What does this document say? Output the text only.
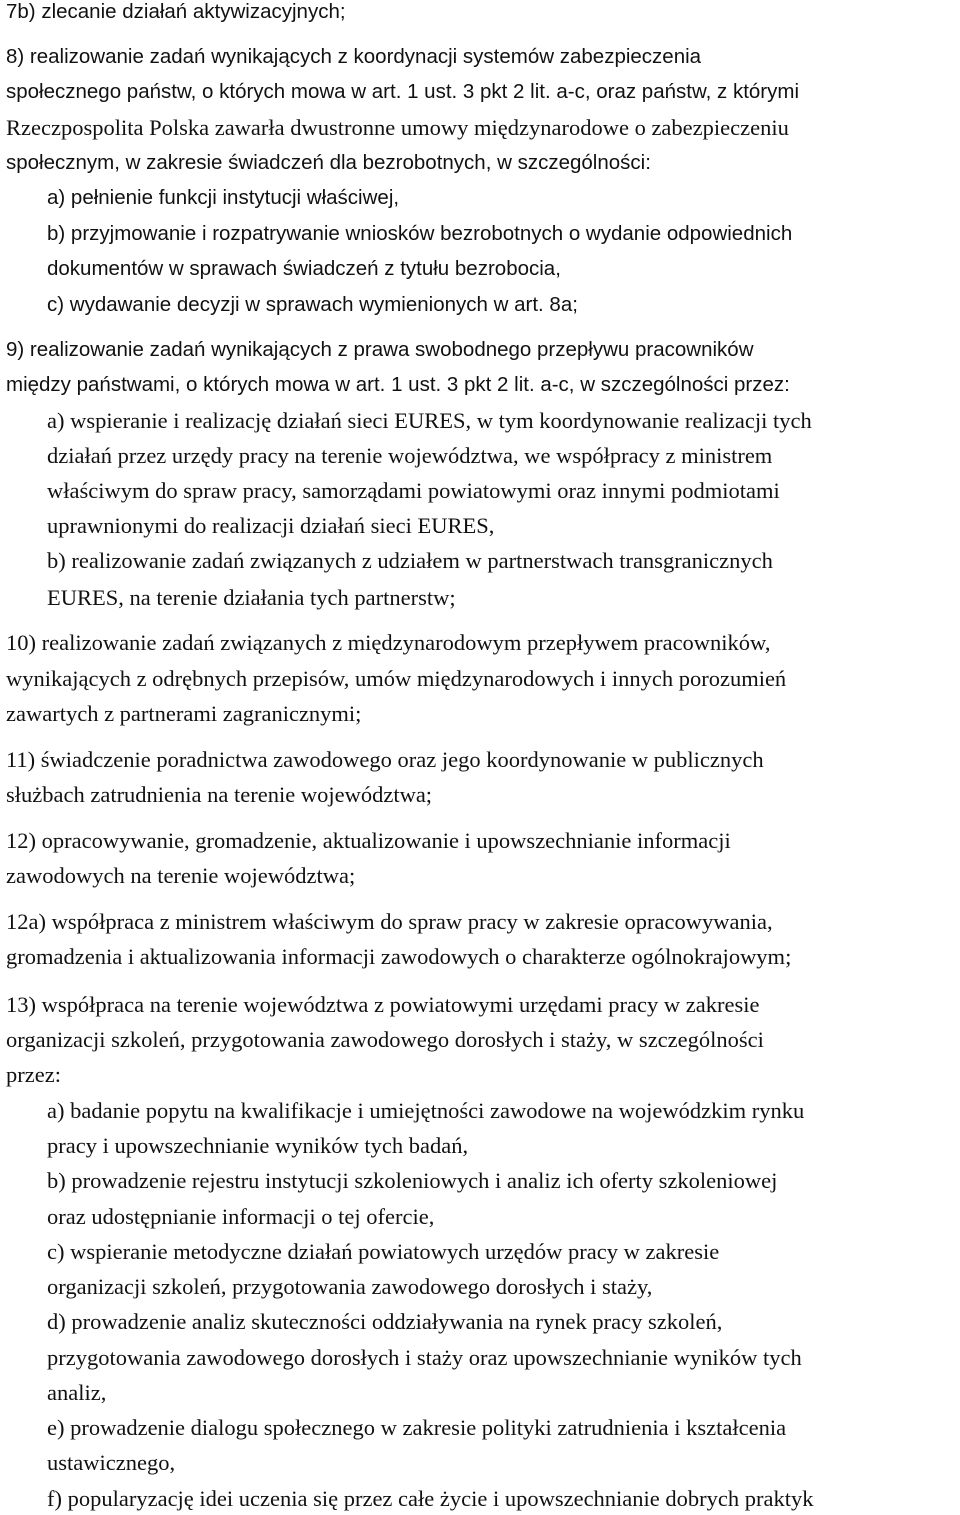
7b) zlecanie działań aktywizacyjnych;
8) realizowanie zadań wynikających z koordynacji systemów zabezpieczenia
społecznego państw, o których mowa w art. 1 ust. 3 pkt 2 lit. a-c, oraz państw, z którymi
Rzeczpospolita Polska zawarła dwustronne umowy międzynarodowe o zabezpieczeniu
społecznym, w zakresie świadczeń dla bezrobotnych, w szczególności:
a) pełnienie funkcji instytucji właściwej,
b) przyjmowanie i rozpatrywanie wniosków bezrobotnych o wydanie odpowiednich
dokumentów w sprawach świadczeń z tytułu bezrobocia,
c) wydawanie decyzji w sprawach wymienionych w art. 8a;
9) realizowanie zadań wynikających z prawa swobodnego przepływu pracowników
między państwami, o których mowa w art. 1 ust. 3 pkt 2 lit. a-c, w szczególności przez:
a) wspieranie i realizację działań sieci EURES, w tym koordynowanie realizacji tych
działań przez urzędy pracy na terenie województwa, we współpracy z ministrem
właściwym do spraw pracy, samorządami powiatowymi oraz innymi podmiotami
uprawnionymi do realizacji działań sieci EURES,
b) realizowanie zadań związanych z udziałem w partnerstwach transgranicznych
EURES, na terenie działania tych partnerstw;
10) realizowanie zadań związanych z międzynarodowym przepływem pracowników,
wynikających z odrębnych przepisów, umów międzynarodowych i innych porozumień
zawartych z partnerami zagranicznymi;
11) świadczenie poradnictwa zawodowego oraz jego koordynowanie w publicznych
służbach zatrudnienia na terenie województwa;
12) opracowywanie, gromadzenie, aktualizowanie i upowszechnianie informacji
zawodowych na terenie województwa;
12a) współpraca z ministrem właściwym do spraw pracy w zakresie opracowywania,
gromadzenia i aktualizowania informacji zawodowych o charakterze ogólnokrajowym;
13) współpraca na terenie województwa z powiatowymi urzędami pracy w zakresie
organizacji szkoleń, przygotowania zawodowego dorosłych i staży, w szczególności
przez:
a) badanie popytu na kwalifikacje i umiejętności zawodowe na wojewódzkim rynku
pracy i upowszechnianie wyników tych badań,
b) prowadzenie rejestru instytucji szkoleniowych i analiz ich oferty szkoleniowej
oraz udostępnianie informacji o tej ofercie,
c) wspieranie metodyczne działań powiatowych urzędów pracy w zakresie
organizacji szkoleń, przygotowania zawodowego dorosłych i staży,
d) prowadzenie analiz skuteczności oddziaływania na rynek pracy szkoleń,
przygotowania zawodowego dorosłych i staży oraz upowszechnianie wyników tych
analiz,
e) prowadzenie dialogu społecznego w zakresie polityki zatrudnienia i kształcenia
ustawicznego,
f) popularyzację idei uczenia się przez całe życie i upowszechnianie dobrych praktyk
